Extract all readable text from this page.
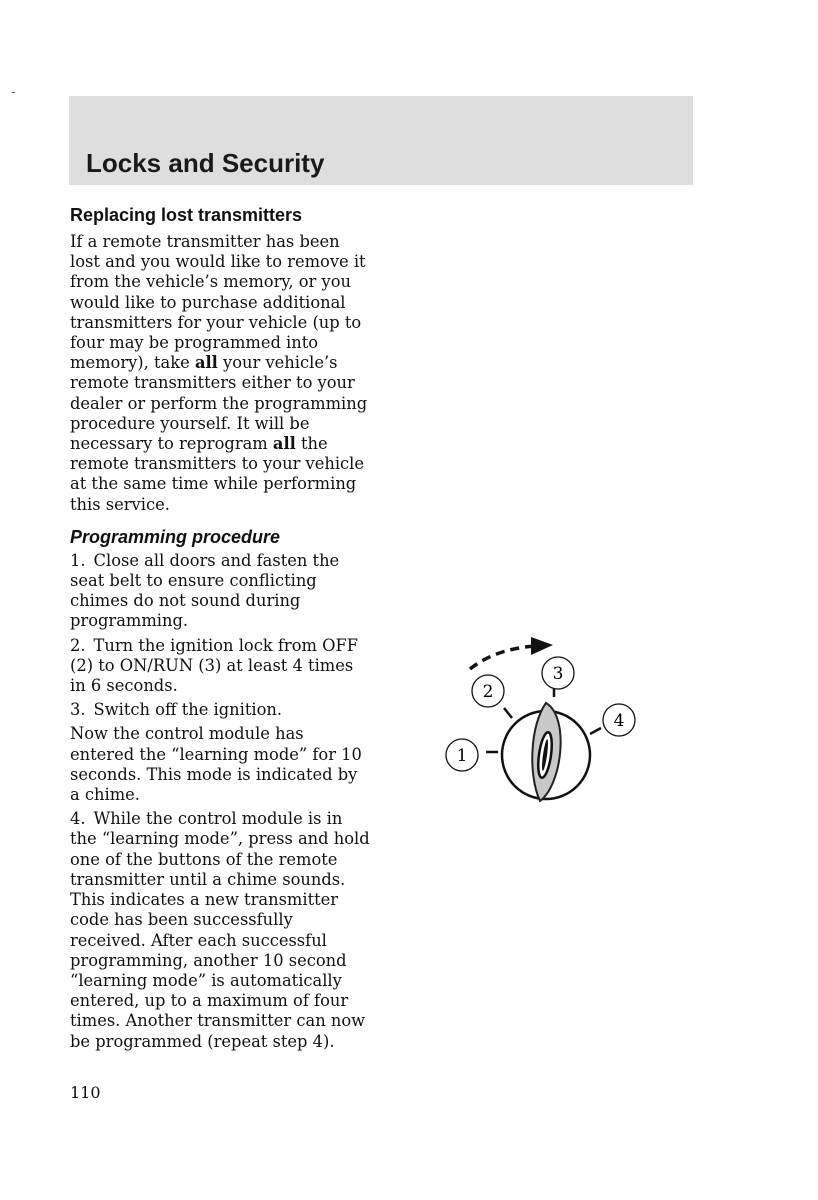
Locks and Security
Replacing lost transmitters

If a remote transmitter has been lost and you would like to remove it from the vehicle’s memory, or you would like to purchase additional transmitters for your vehicle (up to four may be programmed into memory), take all your vehicle’s remote transmitters either to your dealer or perform the programming procedure yourself. It will be necessary to reprogram all the remote transmitters to your vehicle at the same time while performing this service.

Programming procedure

1. Close all doors and fasten the seat belt to ensure conflicting chimes do not sound during programming.

2. Turn the ignition lock from OFF (2) to ON/RUN (3) at least 4 times in 6 seconds.

3. Switch off the ignition.

Now the control module has entered the “learning mode” for 10 seconds. This mode is indicated by a chime.

4. While the control module is in the “learning mode”, press and hold one of the buttons of the remote transmitter until a chime sounds. This indicates a new transmitter code has been successfully received. After each successful programming, another 10 second “learning mode” is automatically entered, up to a maximum of four times. Another transmitter can now be programmed (repeat step 4).

1
2
3
4
110
